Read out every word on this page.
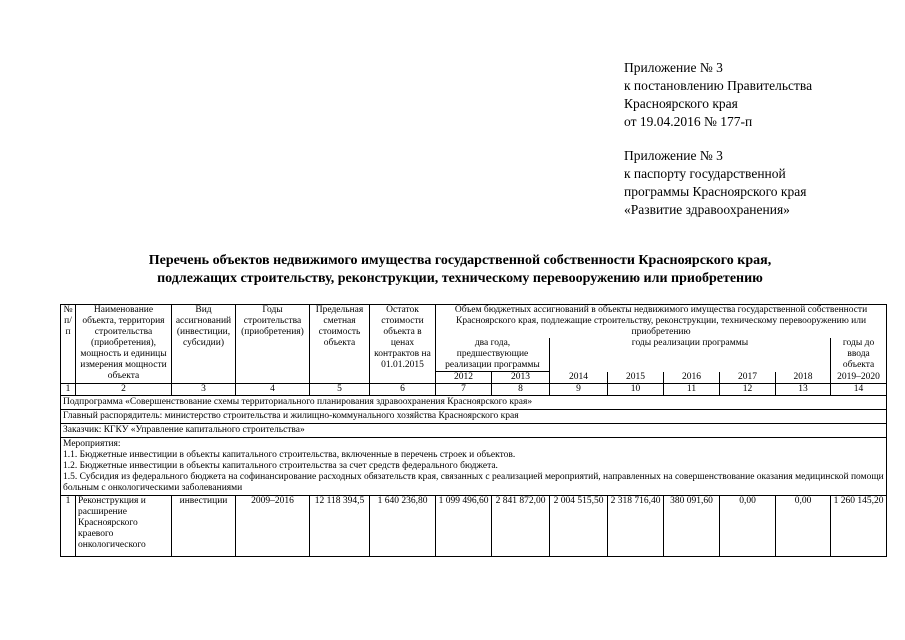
Приложение № 3
к постановлению Правительства
Красноярского края
от 19.04.2016 № 177-п
Приложение № 3
к паспорту государственной
программы Красноярского края
«Развитие здравоохранения»
Перечень объектов недвижимого имущества государственной собственности Красноярского края,
подлежащих строительству, реконструкции, техническому перевооружению или приобретению
№ п/п	Наименование объекта, территория строительства (приобретения), мощность и единицы измерения мощности объекта	Вид ассигнований (инвестиции, субсидии)	Годы строительства (приобретения)	Предельная сметная стоимость объекта	Остаток стоимости объекта в ценах контрактов на 01.01.2015	Объем бюджетных ассигнований в объекты недвижимого имущества государственной собственности Красноярского края, подлежащие строительству, реконструкции, техническому перевооружению или приобретению							
						два года, предшествующие реализации программы		годы реализации программы					годы до ввода объекта
						2012	2013	2014	2015	2016	2017	2018	2019–2020
1	2	3	4	5	6	7	8	9	10	11	12	13	14
Подпрограмма «Совершенствование схемы территориального планирования здравоохранения Красноярского края»													
Главный распорядитель: министерство строительства и жилищно-коммунального хозяйства Красноярского края													
Заказчик: КГКУ «Управление капитального строительства»													

Мероприятия:
1.1. Бюджетные инвестиции в объекты капитального строительства, включенные в перечень строек и объектов.
1.2. Бюджетные инвестиции в объекты капитального строительства за счет средств федерального бюджета.
1.5. Субсидия из федерального бюджета на софинансирование расходных обязательств края, связанных с реализацией мероприятий, направленных на совершенствование оказания медицинской помощи больным с онкологическими заболеваниями													

1	Реконструкция и расширение Красноярского краевого онкологического	инвестиции	2009–2016	12 118 394,5	1 640 236,80	1 099 496,60	2 841 872,00	2 004 515,50	2 318 716,40	380 091,60	0,00	0,00	1 260 145,20
